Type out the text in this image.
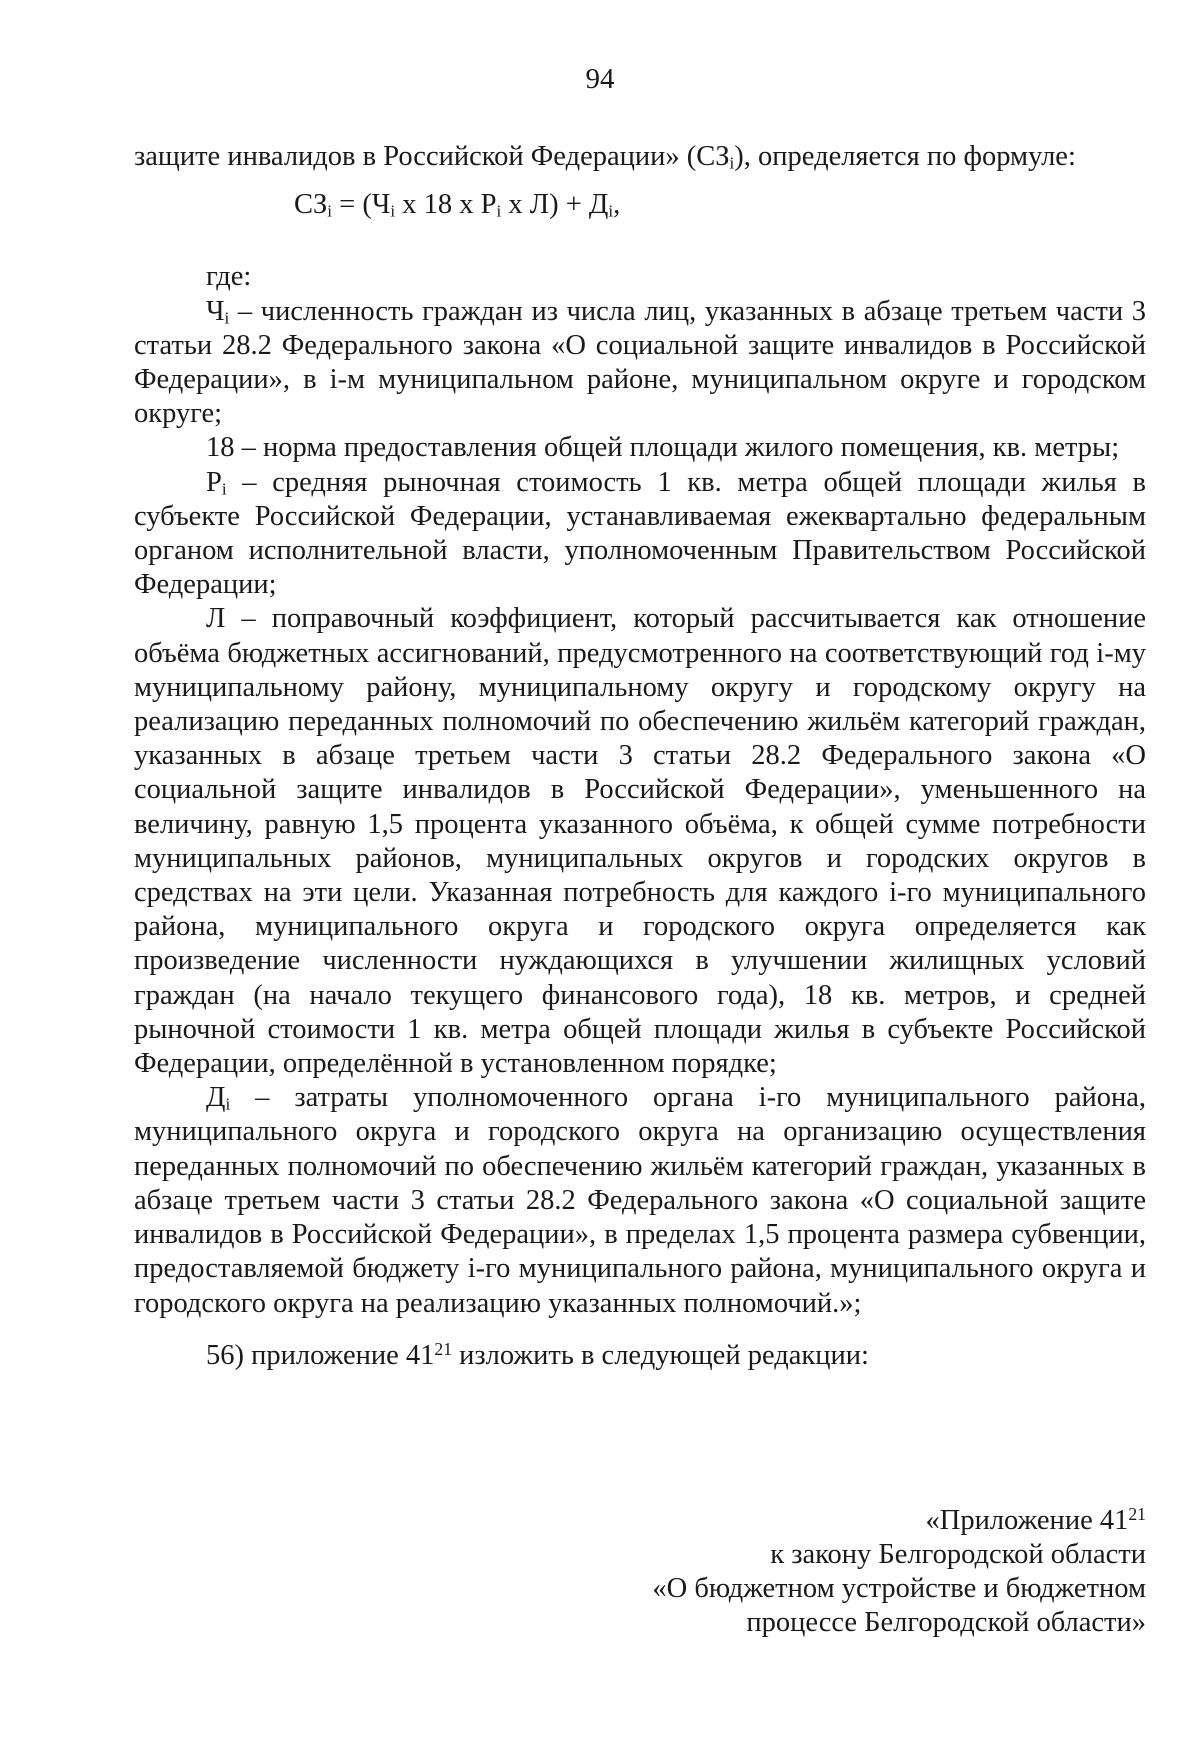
94

защите инвалидов в Российской Федерации» $(СЗ_i)$, определяется по формуле:

$СЗ_i = (Ч_i$ х 18 х $Р_i$ х $Л) + Д_i$,

где:

$Ч_i$ – численность граждан из числа лиц, указанных в абзаце третьем части 3 статьи 28.2 Федерального закона «О социальной защите инвалидов в Российской Федерации», в i-м муниципальном районе, муниципальном округе и городском округе;

18 – норма предоставления общей площади жилого помещения, кв. метры;

$Р_i$ – средняя рыночная стоимость 1 кв. метра общей площади жилья в субъекте Российской Федерации, устанавливаемая ежеквартально федеральным органом исполнительной власти, уполномоченным Правительством Российской Федерации;

Л – поправочный коэффициент, который рассчитывается как отношение объёма бюджетных ассигнований, предусмотренного на соответствующий год i-му муниципальному району, муниципальному округу и городскому округу на реализацию переданных полномочий по обеспечению жильём категорий граждан, указанных в абзаце третьем части 3 статьи 28.2 Федерального закона «О социальной защите инвалидов в Российской Федерации», уменьшенного на величину, равную 1,5 процента указанного объёма, к общей сумме потребности муниципальных районов, муниципальных округов и городских округов в средствах на эти цели. Указанная потребность для каждого i-го муниципального района, муниципального округа и городского округа определяется как произведение численности нуждающихся в улучшении жилищных условий граждан (на начало текущего финансового года), 18 кв. метров, и средней рыночной стоимости 1 кв. метра общей площади жилья в субъекте Российской Федерации, определённой в установленном порядке;

$Д_i$ – затраты уполномоченного органа i-го муниципального района, муниципального округа и городского округа на организацию осуществления переданных полномочий по обеспечению жильём категорий граждан, указанных в абзаце третьем части 3 статьи 28.2 Федерального закона «О социальной защите инвалидов в Российской Федерации», в пределах 1,5 процента размера субвенции, предоставляемой бюджету i-го муниципального района, муниципального округа и городского округа на реализацию указанных полномочий.»;

56) приложение $41^{21}$ изложить в следующей редакции:

«Приложение $41^{21}$
к закону Белгородской области
«О бюджетном устройстве и бюджетном
процессе Белгородской области»
